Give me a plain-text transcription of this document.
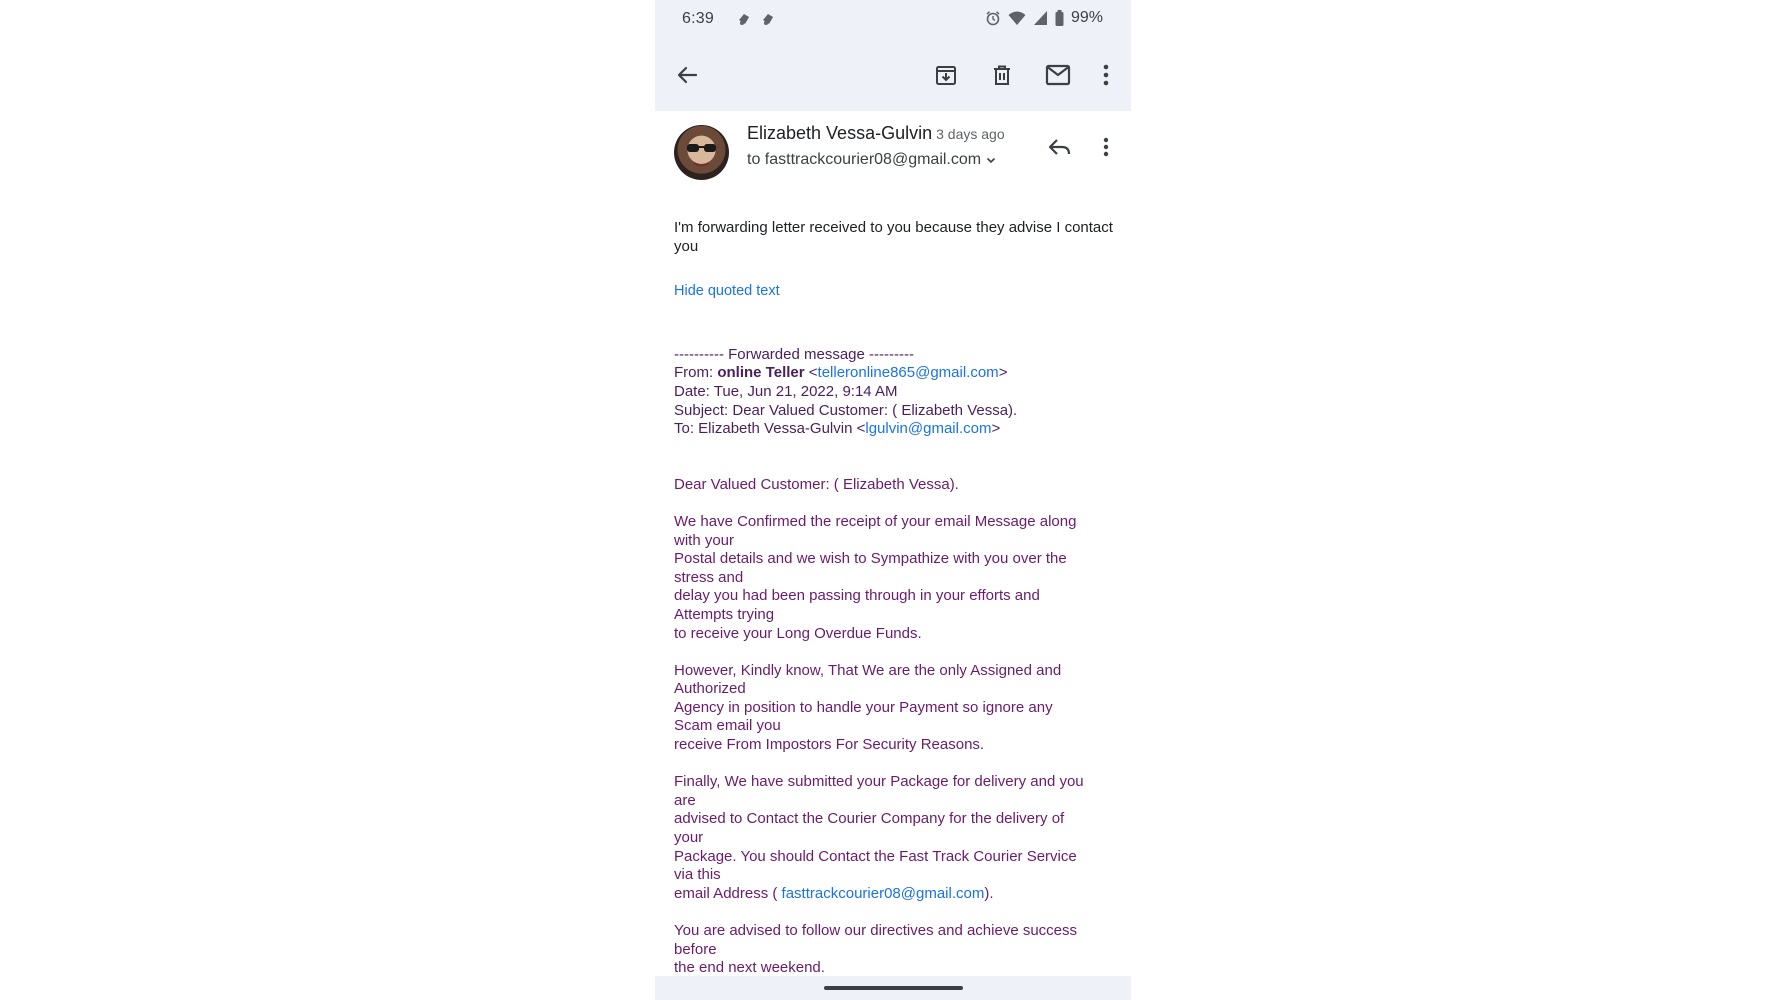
6:39	99%
Elizabeth Vessa-Gulvin 3 days ago
to fasttrackcourier08@gmail.com

I'm forwarding letter received to you because they advise I contact you

Hide quoted text
---------- Forwarded message ---------
From: online Teller <telleronline865@gmail.com>
Date: Tue, Jun 21, 2022, 9:14 AM
Subject: Dear Valued Customer: ( Elizabeth Vessa).
To: Elizabeth Vessa-Gulvin <lgulvin@gmail.com>

Dear Valued Customer: ( Elizabeth Vessa).

We have Confirmed the receipt of your email Message along
with your
Postal details and we wish to Sympathize with you over the
stress and
delay you had been passing through in your efforts and
Attempts trying
to receive your Long Overdue Funds.

However, Kindly know, That We are the only Assigned and
Authorized
Agency in position to handle your Payment so ignore any
Scam email you
receive From Impostors For Security Reasons.

Finally, We have submitted your Package for delivery and you
are
advised to Contact the Courier Company for the delivery of
your
Package. You should Contact the Fast Track Courier Service
via this
email Address ( fasttrackcourier08@gmail.com).

You are advised to follow our directives and achieve success
before
the end next weekend.
